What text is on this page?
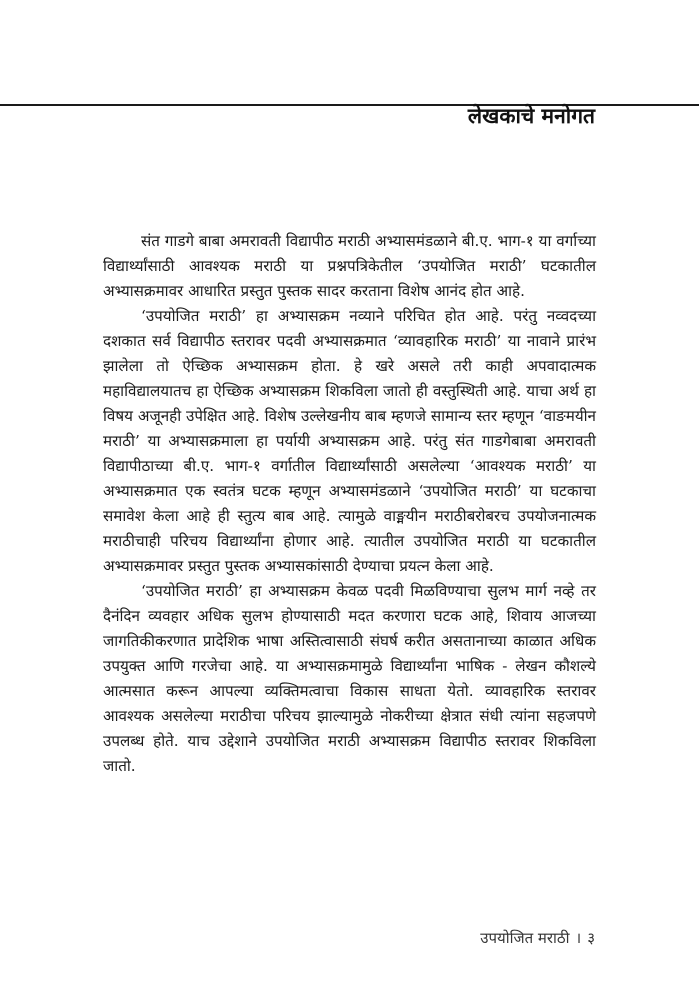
लेखकाचे मनोगत

संत गाडगे बाबा अमरावती विद्यापीठ मराठी अभ्यासमंडळाने बी.ए. भाग-१ या वर्गाच्या विद्यार्थ्यांसाठी आवश्यक मराठी या प्रश्नपत्रिकेतील ‘उपयोजित मराठी’ घटकातील अभ्यासक्रमावर आधारित प्रस्तुत पुस्तक सादर करताना विशेष आनंद होत आहे.

‘उपयोजित मराठी’ हा अभ्यासक्रम नव्याने परिचित होत आहे. परंतु नव्वदच्या दशकात सर्व विद्यापीठ स्तरावर पदवी अभ्यासक्रमात ‘व्यावहारिक मराठी’ या नावाने प्रारंभ झालेला तो ऐच्छिक अभ्यासक्रम होता. हे खरे असले तरी काही अपवादात्मक महाविद्यालयातच हा ऐच्छिक अभ्यासक्रम शिकविला जातो ही वस्तुस्थिती आहे. याचा अर्थ हा विषय अजूनही उपेक्षित आहे. विशेष उल्लेखनीय बाब म्हणजे सामान्य स्तर म्हणून ‘वाङमयीन मराठी’ या अभ्यासक्रमाला हा पर्यायी अभ्यासक्रम आहे. परंतु संत गाडगेबाबा अमरावती विद्यापीठाच्या बी.ए. भाग-१ वर्गातील विद्यार्थ्यांसाठी असलेल्या ‘आवश्यक मराठी’ या अभ्यासक्रमात एक स्वतंत्र घटक म्हणून अभ्यासमंडळाने ‘उपयोजित मराठी’ या घटकाचा समावेश केला आहे ही स्तुत्य बाब आहे. त्यामुळे वाङ्मयीन मराठीबरोबरच उपयोजनात्मक मराठीचाही परिचय विद्यार्थ्यांना होणार आहे. त्यातील उपयोजित मराठी या घटकातील अभ्यासक्रमावर प्रस्तुत पुस्तक अभ्यासकांसाठी देण्याचा प्रयत्न केला आहे.

‘उपयोजित मराठी’ हा अभ्यासक्रम केवळ पदवी मिळविण्याचा सुलभ मार्ग नव्हे तर दैनंदिन व्यवहार अधिक सुलभ होण्यासाठी मदत करणारा घटक आहे, शिवाय आजच्या जागतिकीकरणात प्रादेशिक भाषा अस्तित्वासाठी संघर्ष करीत असतानाच्या काळात अधिक उपयुक्त आणि गरजेचा आहे. या अभ्यासक्रमामुळे विद्यार्थ्यांना भाषिक - लेखन कौशल्ये आत्मसात करून आपल्या व्यक्तिमत्वाचा विकास साधता येतो. व्यावहारिक स्तरावर आवश्यक असलेल्या मराठीचा परिचय झाल्यामुळे नोकरीच्या क्षेत्रात संधी त्यांना सहजपणे उपलब्ध होते. याच उद्देशाने उपयोजित मराठी अभ्यासक्रम विद्यापीठ स्तरावर शिकविला जातो.

उपयोजित मराठी । ३
